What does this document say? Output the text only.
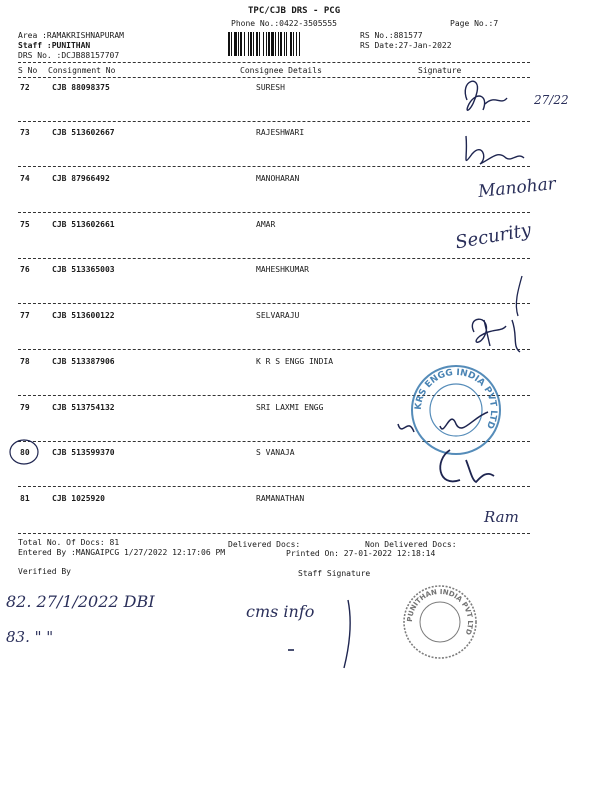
TPC/CJB DRS - PCG
Phone No.:0422-3505555	Page No.:7
Area :RAMAKRISHNAPURAM
Staff :PUNITHAN
DRS No. :DCJB88157707
RS No.:881577
RS Date:27-Jan-2022
S No Consignment No	Consignee Details	Signature
72	CJB 88098375	SURESH
73	CJB 513602667	RAJESHWARI
74	CJB 87966492	MANOHARAN
75	CJB 513602661	AMAR
76	CJB 513365003	MAHESHKUMAR
77	CJB 513600122	SELVARAJU
78	CJB 513387906	K R S ENGG INDIA
79	CJB 513754132	SRI LAXMI ENGG
80	CJB 513599370	S VANAJA
81	CJB 1025920	RAMANATHAN
Total No. Of Docs: 81	Delivered Docs:	Non Delivered Docs:
Entered By :MANGAIPCG 1/27/2022 12:17:06 PM	Printed On: 27-01-2022 12:18:14
Verified By	Staff Signature
27/22
Manohar
Security
KRS ENGG INDIA PVT LTD
Ram
82. 27/1/2022 DBI
cms info
83. " "
PUNITHAN INDIA PVT LTD
